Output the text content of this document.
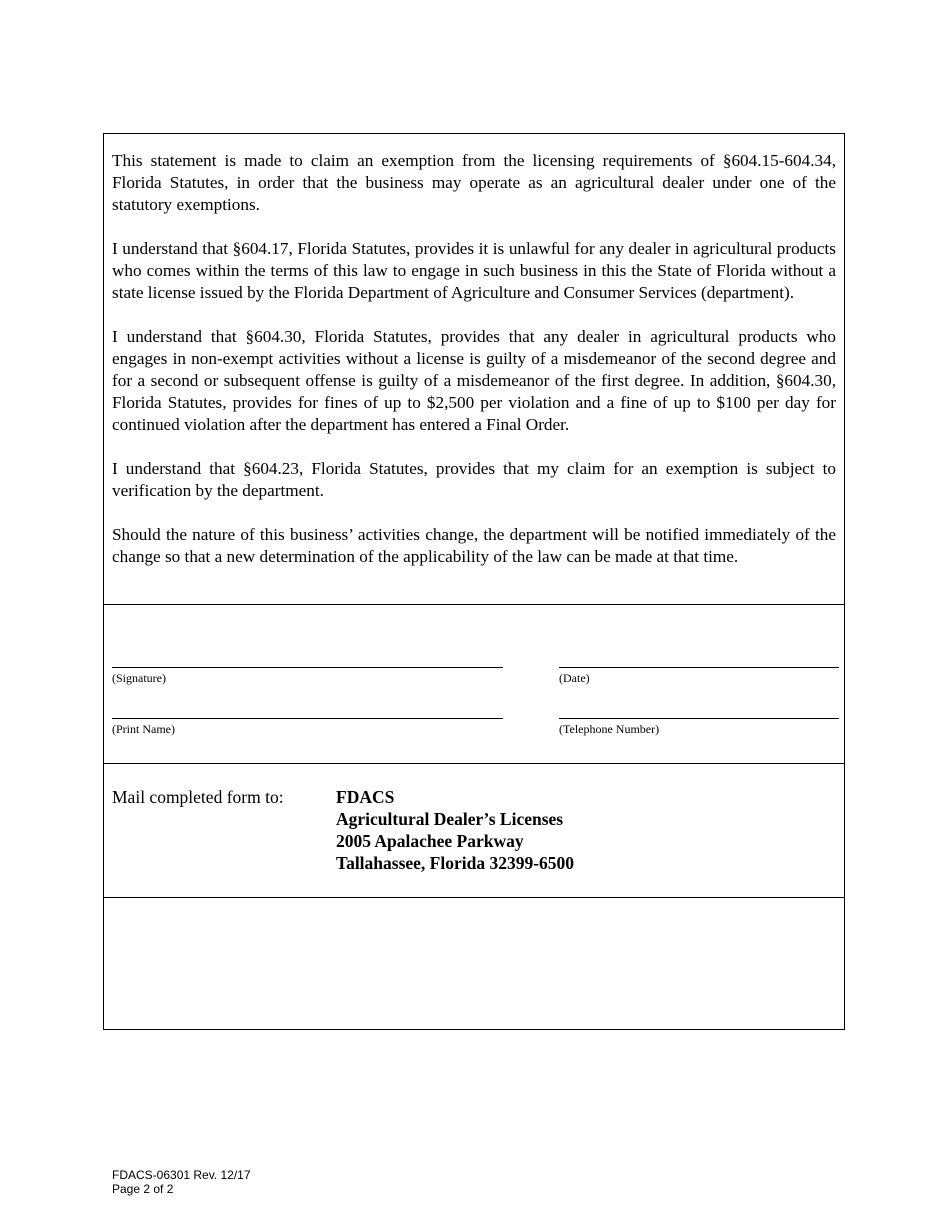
This statement is made to claim an exemption from the licensing requirements of §604.15-604.34, Florida Statutes, in order that the business may operate as an agricultural dealer under one of the statutory exemptions.

I understand that §604.17, Florida Statutes, provides it is unlawful for any dealer in agricultural products who comes within the terms of this law to engage in such business in this the State of Florida without a state license issued by the Florida Department of Agriculture and Consumer Services (department).

I understand that §604.30, Florida Statutes, provides that any dealer in agricultural products who engages in non-exempt activities without a license is guilty of a misdemeanor of the second degree and for a second or subsequent offense is guilty of a misdemeanor of the first degree. In addition, §604.30, Florida Statutes, provides for fines of up to $2,500 per violation and a fine of up to $100 per day for continued violation after the department has entered a Final Order.

I understand that §604.23, Florida Statutes, provides that my claim for an exemption is subject to verification by the department.

Should the nature of this business’ activities change, the department will be notified immediately of the change so that a new determination of the applicability of the law can be made at that time.

(Signature)	(Date)
(Print Name)	(Telephone Number)
Mail completed form to:	FDACS
Agricultural Dealer’s Licenses
2005 Apalachee Parkway
Tallahassee, Florida 32399-6500
FDACS-06301 Rev. 12/17
Page 2 of 2
